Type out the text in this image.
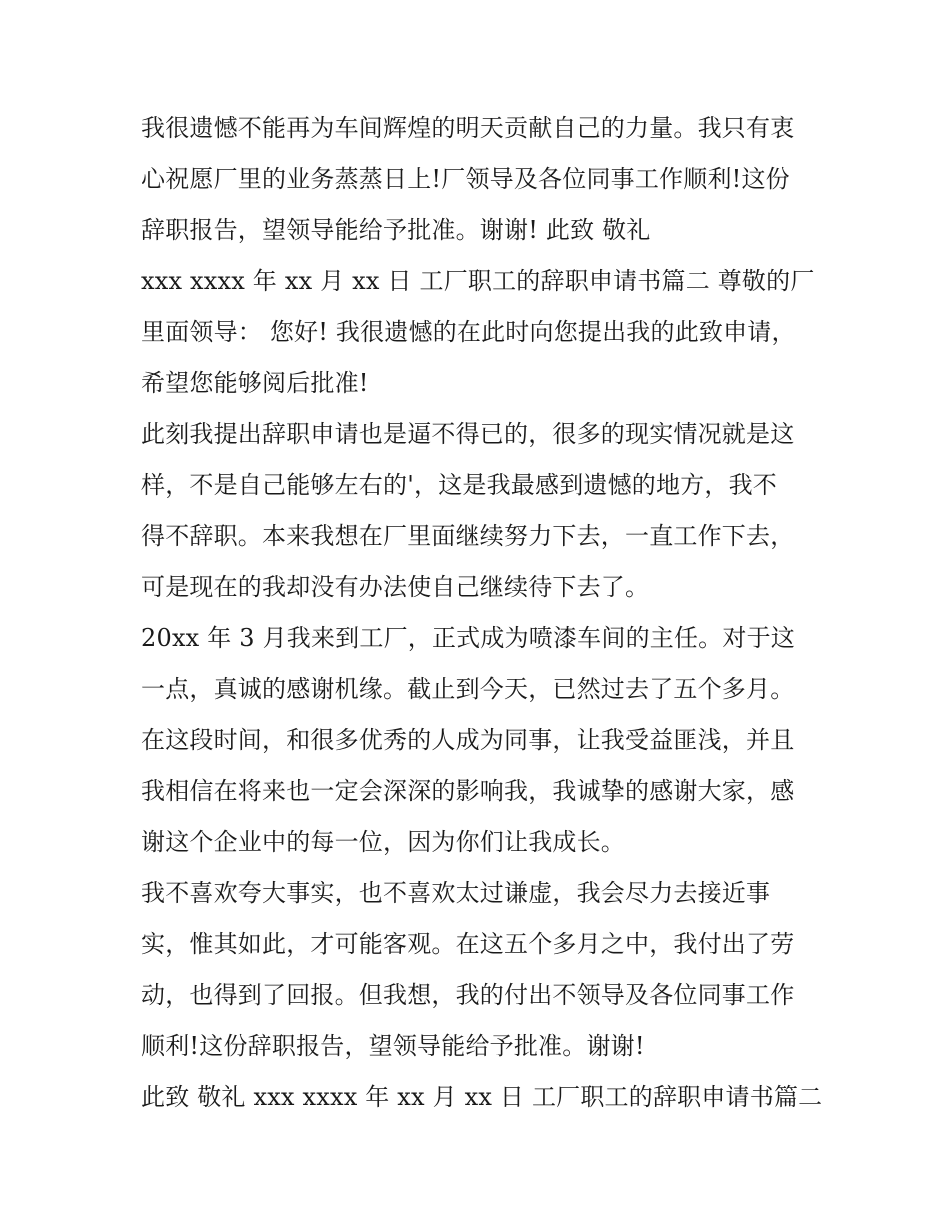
我很遗憾不能再为车间辉煌的明天贡献自己的力量。我只有衷
心祝愿厂里的业务蒸蒸日上!厂领导及各位同事工作顺利!这份
辞职报告，望领导能给予批准。谢谢! 此致 敬礼
xxx xxxx 年 xx 月 xx 日 工厂职工的辞职申请书篇二 尊敬的厂
里面领导： 您好! 我很遗憾的在此时向您提出我的此致申请，
希望您能够阅后批准!
此刻我提出辞职申请也是逼不得已的，很多的现实情况就是这
样，不是自己能够左右的'，这是我最感到遗憾的地方，我不
得不辞职。本来我想在厂里面继续努力下去，一直工作下去，
可是现在的我却没有办法使自己继续待下去了。
20xx 年 3 月我来到工厂，正式成为喷漆车间的主任。对于这
一点，真诚的感谢机缘。截止到今天，已然过去了五个多月。
在这段时间，和很多优秀的人成为同事，让我受益匪浅，并且
我相信在将来也一定会深深的影响我，我诚挚的感谢大家，感
谢这个企业中的每一位，因为你们让我成长。
我不喜欢夸大事实，也不喜欢太过谦虚，我会尽力去接近事
实，惟其如此，才可能客观。在这五个多月之中，我付出了劳
动，也得到了回报。但我想，我的付出不领导及各位同事工作
顺利!这份辞职报告，望领导能给予批准。谢谢!
此致 敬礼 xxx xxxx 年 xx 月 xx 日 工厂职工的辞职申请书篇二
